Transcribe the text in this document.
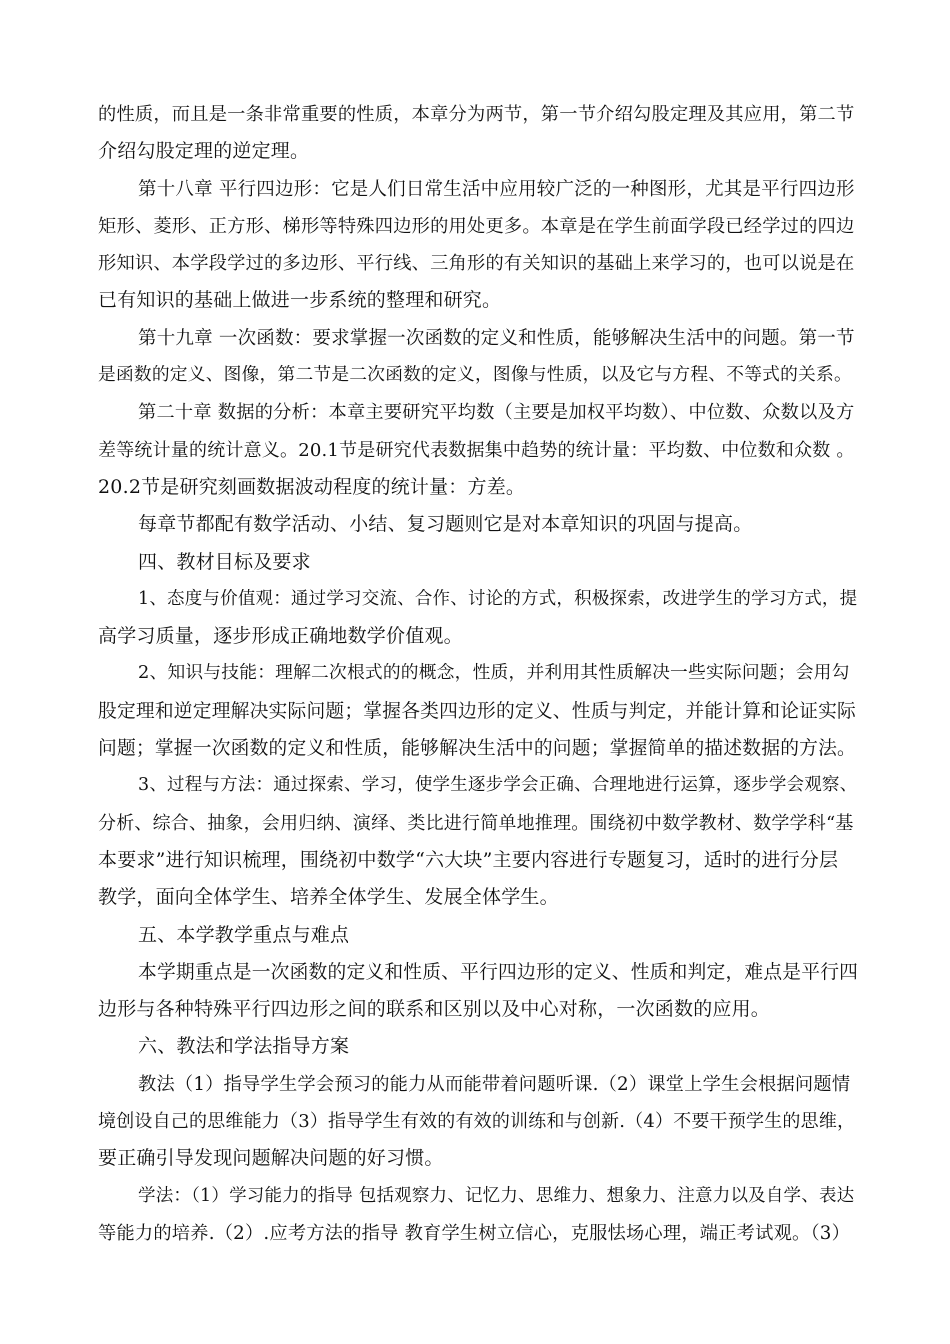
的性质，而且是一条非常重要的性质，本章分为两节，第一节介绍勾股定理及其应用，第二节
介绍勾股定理的逆定理。
第十八章 平行四边形：它是人们日常生活中应用较广泛的一种图形，尤其是平行四边形
矩形、菱形、正方形、梯形等特殊四边形的用处更多。本章是在学生前面学段已经学过的四边
形知识、本学段学过的多边形、平行线、三角形的有关知识的基础上来学习的，也可以说是在
已有知识的基础上做进一步系统的整理和研究。
第十九章 一次函数：要求掌握一次函数的定义和性质，能够解决生活中的问题。第一节
是函数的定义、图像，第二节是二次函数的定义，图像与性质，以及它与方程、不等式的关系。
第二十章 数据的分析：本章主要研究平均数（主要是加权平均数）、中位数、众数以及方
差等统计量的统计意义。20.1节是研究代表数据集中趋势的统计量：平均数、中位数和众数 。
20.2节是研究刻画数据波动程度的统计量：方差。
每章节都配有数学活动、小结、复习题则它是对本章知识的巩固与提高。
四、教材目标及要求
1、态度与价值观：通过学习交流、合作、讨论的方式，积极探索，改进学生的学习方式，提
高学习质量，逐步形成正确地数学价值观。
2、知识与技能：理解二次根式的的概念，性质，并利用其性质解决一些实际问题；会用勾
股定理和逆定理解决实际问题；掌握各类四边形的定义、性质与判定，并能计算和论证实际
问题；掌握一次函数的定义和性质，能够解决生活中的问题；掌握简单的描述数据的方法。
3、过程与方法：通过探索、学习，使学生逐步学会正确、合理地进行运算，逐步学会观察、
分析、综合、抽象，会用归纳、演绎、类比进行简单地推理。围绕初中数学教材、数学学科“基
本要求”进行知识梳理，围绕初中数学“六大块”主要内容进行专题复习，适时的进行分层
教学，面向全体学生、培养全体学生、发展全体学生。
五、本学教学重点与难点
本学期重点是一次函数的定义和性质、平行四边形的定义、性质和判定，难点是平行四
边形与各种特殊平行四边形之间的联系和区别以及中心对称，一次函数的应用。
六、教法和学法指导方案
教法（1）指导学生学会预习的能力从而能带着问题听课.（2）课堂上学生会根据问题情
境创设自己的思维能力（3）指导学生有效的有效的训练和与创新.（4）不要干预学生的思维，
要正确引导发现问题解决问题的好习惯。
学法：（1）学习能力的指导 包括观察力、记忆力、思维力、想象力、注意力以及自学、表达
等能力的培养.（2）.应考方法的指导 教育学生树立信心，克服怯场心理，端正考试观。（3）
